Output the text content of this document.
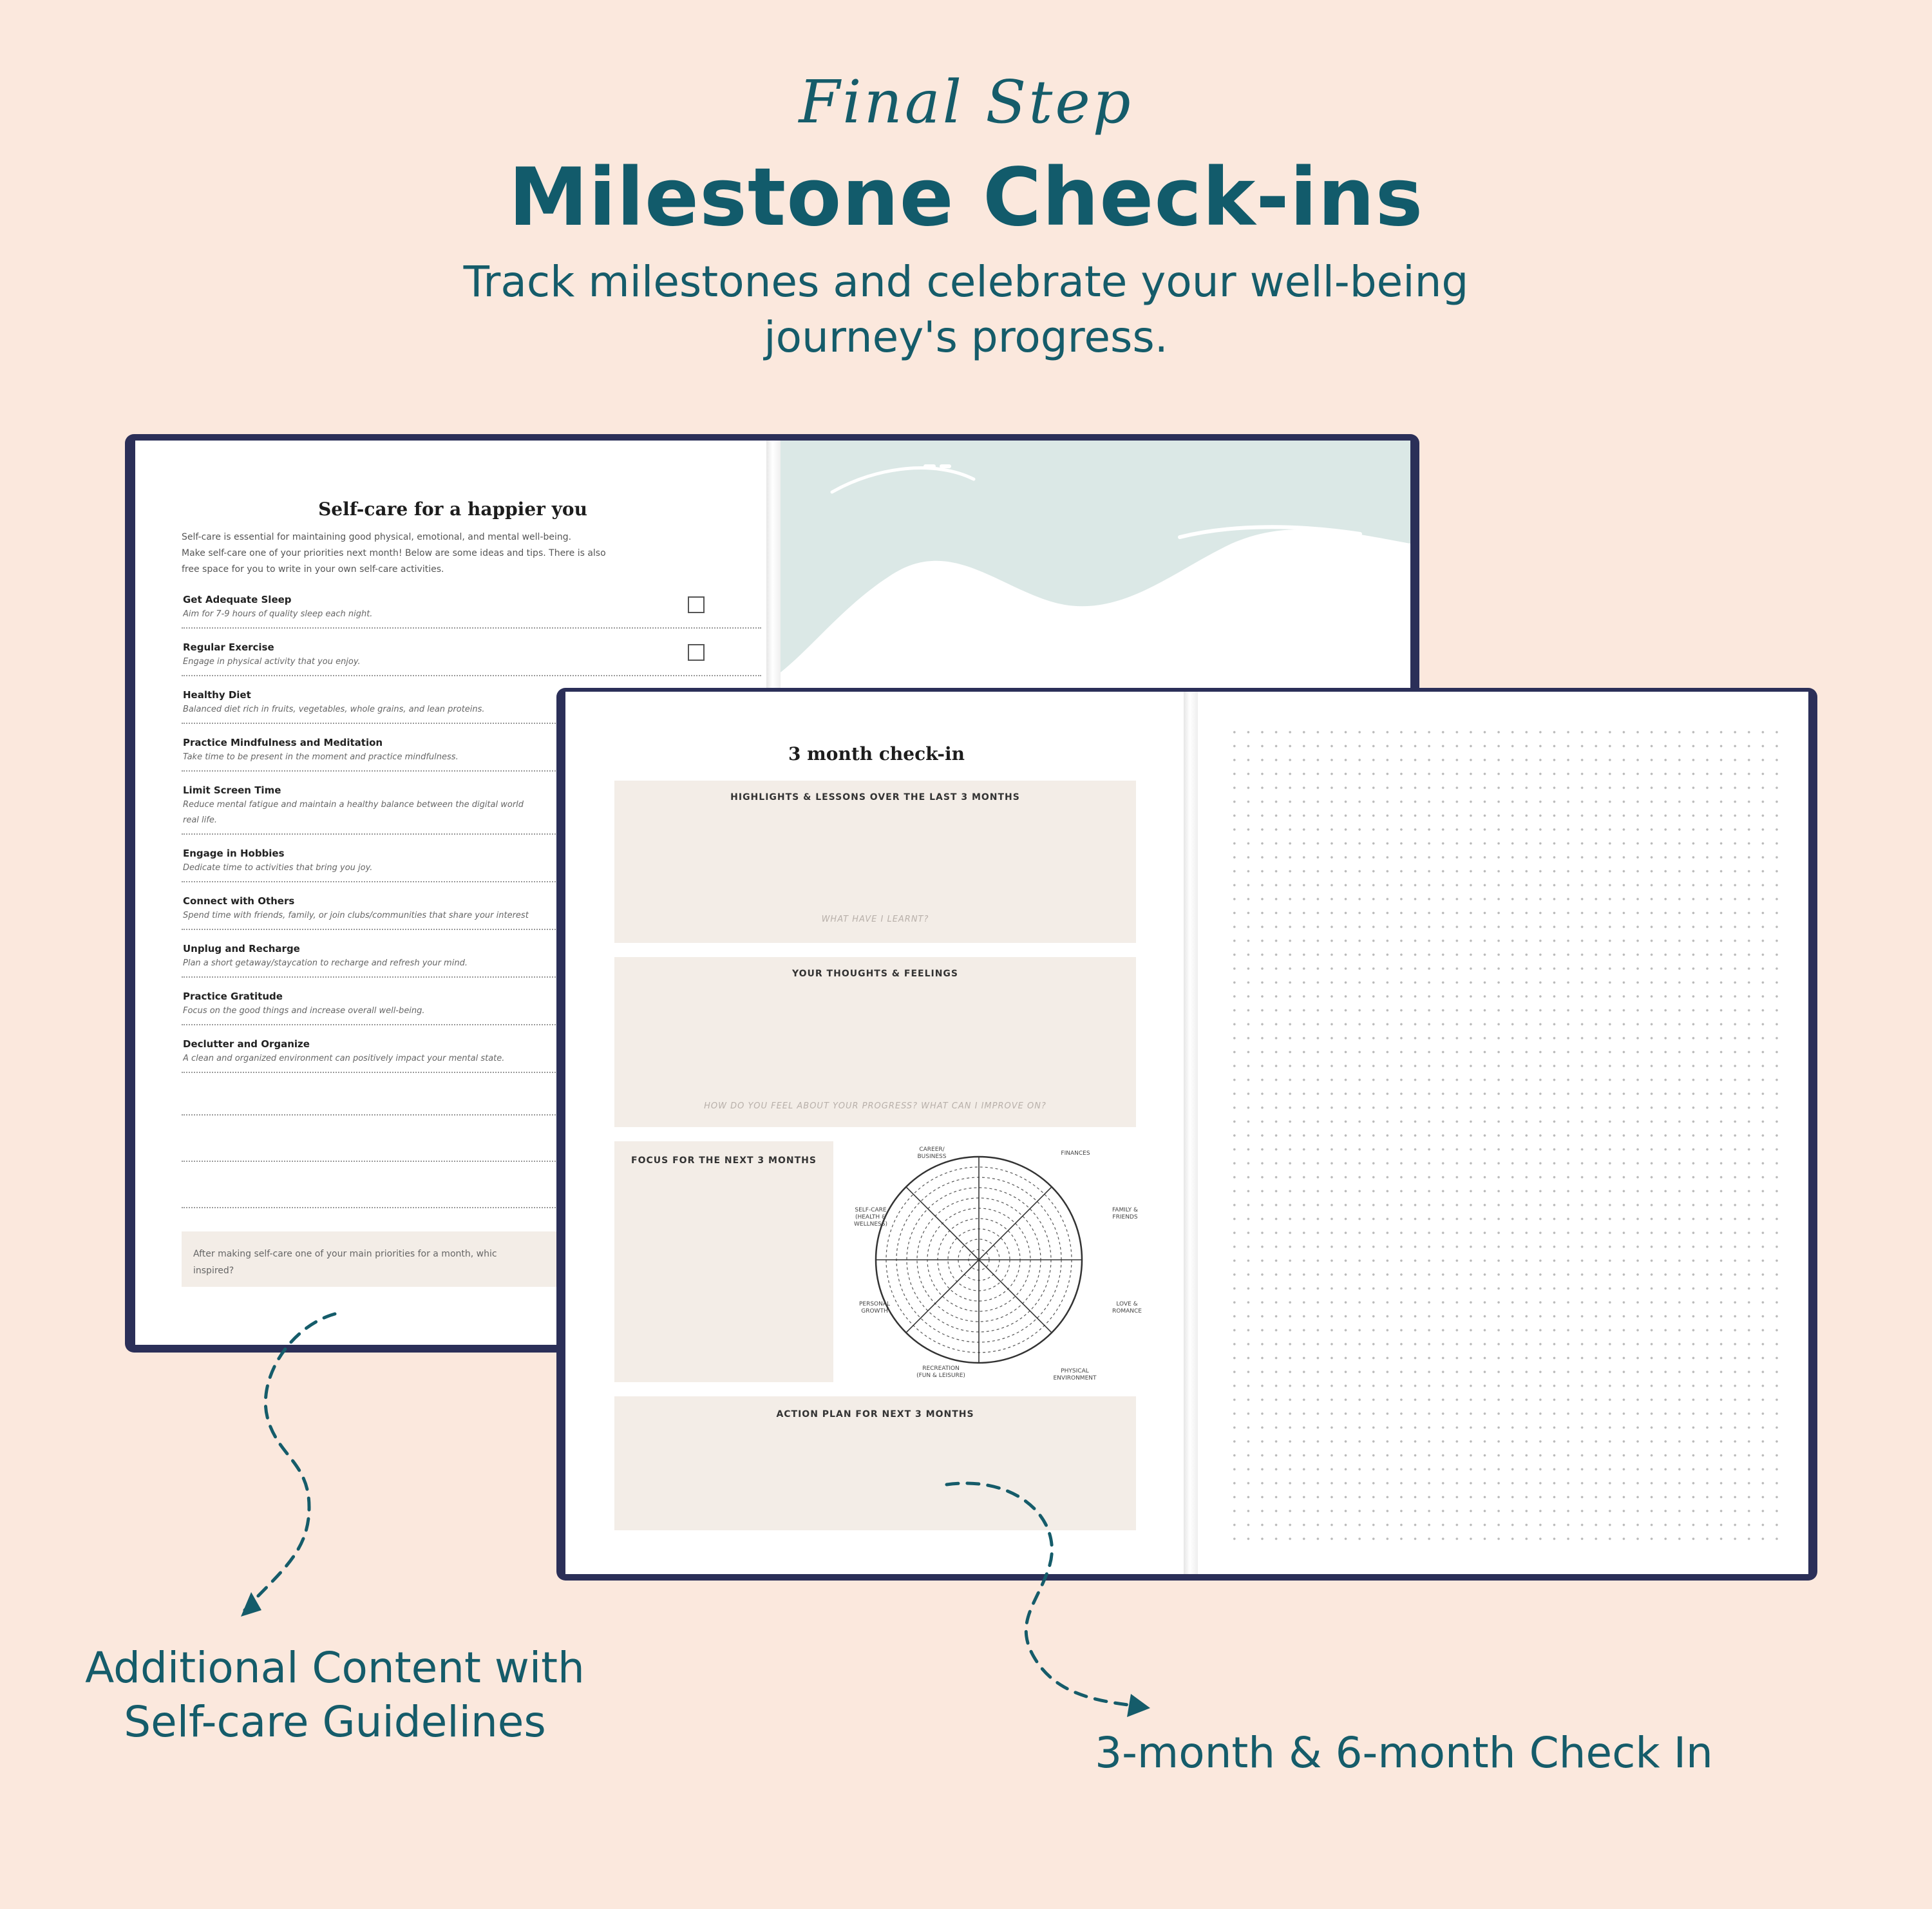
Final Step
Milestone Check-ins
Track milestones and celebrate your well-being
journey's progress.
Self-care for a happier you
Self-care is essential for maintaining good physical, emotional, and mental well-being.
Make self-care one of your priorities next month! Below are some ideas and tips. There is also
free space for you to write in your own self-care activities.
Get Adequate Sleep
Aim for 7-9 hours of quality sleep each night.
Regular Exercise
Engage in physical activity that you enjoy.
Healthy Diet
Balanced diet rich in fruits, vegetables, whole grains, and lean proteins.
Practice Mindfulness and Meditation
Take time to be present in the moment and practice mindfulness.
Limit Screen Time
Reduce mental fatigue and maintain a healthy balance between the digital world
real life.
Engage in Hobbies
Dedicate time to activities that bring you joy.
Connect with Others
Spend time with friends, family, or join clubs/communities that share your interest
Unplug and Recharge
Plan a short getaway/staycation to recharge and refresh your mind.
Practice Gratitude
Focus on the good things and increase overall well-being.
Declutter and Organize
A clean and organized environment can positively impact your mental state.
After making self-care one of your main priorities for a month, whic
inspired?
3 month check-in
HIGHLIGHTS & LESSONS OVER THE LAST 3 MONTHS
WHAT HAVE I LEARNT?
YOUR THOUGHTS & FEELINGS
HOW DO YOU FEEL ABOUT YOUR PROGRESS? WHAT CAN I IMPROVE ON?
FOCUS FOR THE NEXT 3 MONTHS
CAREER/
BUSINESS	FINANCES
FAMILY &
FRIENDS
LOVE &
ROMANCE
PHYSICAL
ENVIRONMENT
RECREATION
(FUN & LEISURE)
PERSONAL
GROWTH
SELF-CARE
(HEALTH &
WELLNESS)
ACTION PLAN FOR NEXT 3 MONTHS
Additional Content with
Self-care Guidelines
3-month & 6-month Check In
